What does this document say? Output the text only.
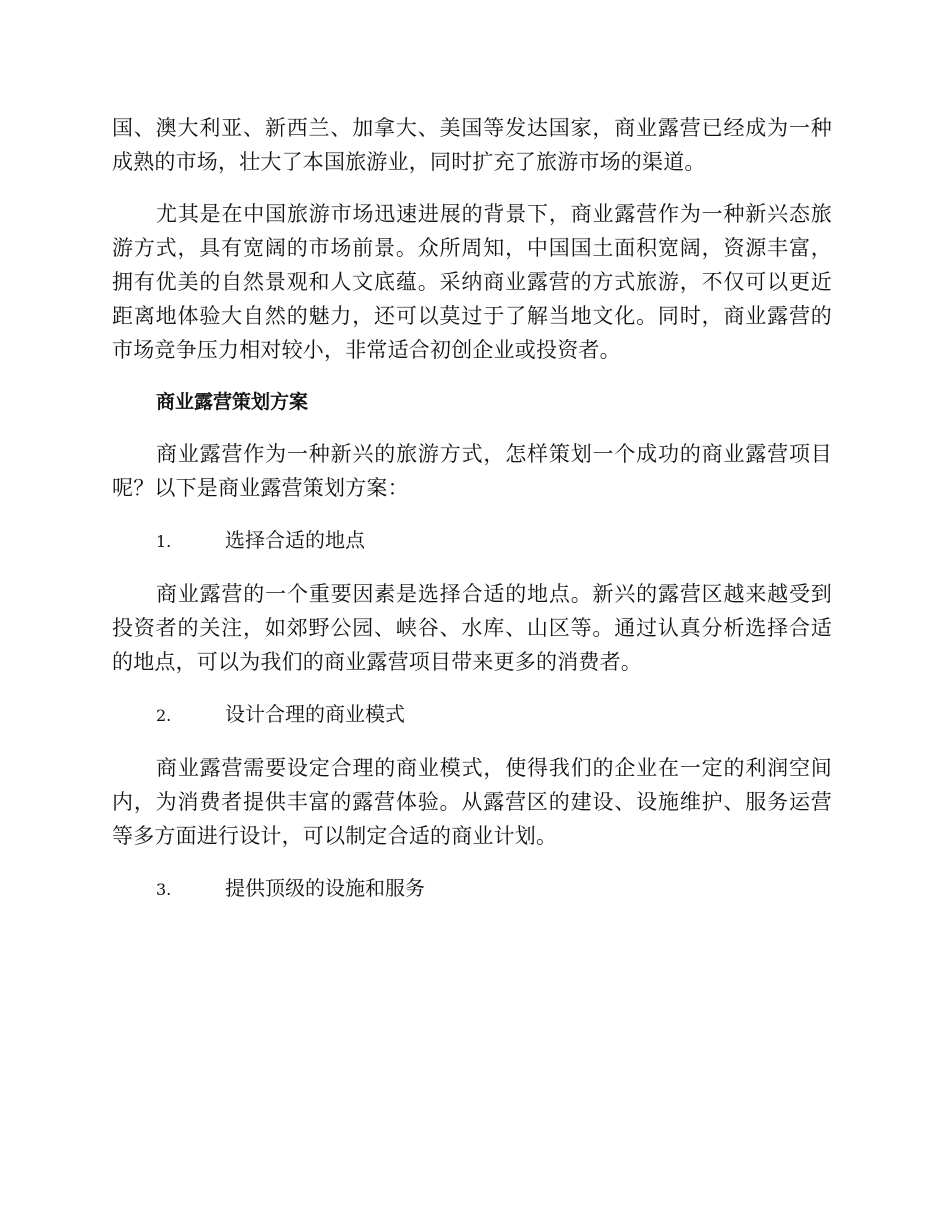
国、澳大利亚、新西兰、加拿大、美国等发达国家，商业露营已经成为一种成熟的市场，壮大了本国旅游业，同时扩充了旅游市场的渠道。

尤其是在中国旅游市场迅速进展的背景下，商业露营作为一种新兴态旅游方式，具有宽阔的市场前景。众所周知，中国国土面积宽阔，资源丰富，拥有优美的自然景观和人文底蕴。采纳商业露营的方式旅游，不仅可以更近距离地体验大自然的魅力，还可以莫过于了解当地文化。同时，商业露营的市场竞争压力相对较小，非常适合初创企业或投资者。

商业露营策划方案

商业露营作为一种新兴的旅游方式，怎样策划一个成功的商业露营项目呢？以下是商业露营策划方案：

1.	选择合适的地点

商业露营的一个重要因素是选择合适的地点。新兴的露营区越来越受到投资者的关注，如郊野公园、峡谷、水库、山区等。通过认真分析选择合适的地点，可以为我们的商业露营项目带来更多的消费者。

2.	设计合理的商业模式

商业露营需要设定合理的商业模式，使得我们的企业在一定的利润空间内，为消费者提供丰富的露营体验。从露营区的建设、设施维护、服务运营等多方面进行设计，可以制定合适的商业计划。

3.	提供顶级的设施和服务
